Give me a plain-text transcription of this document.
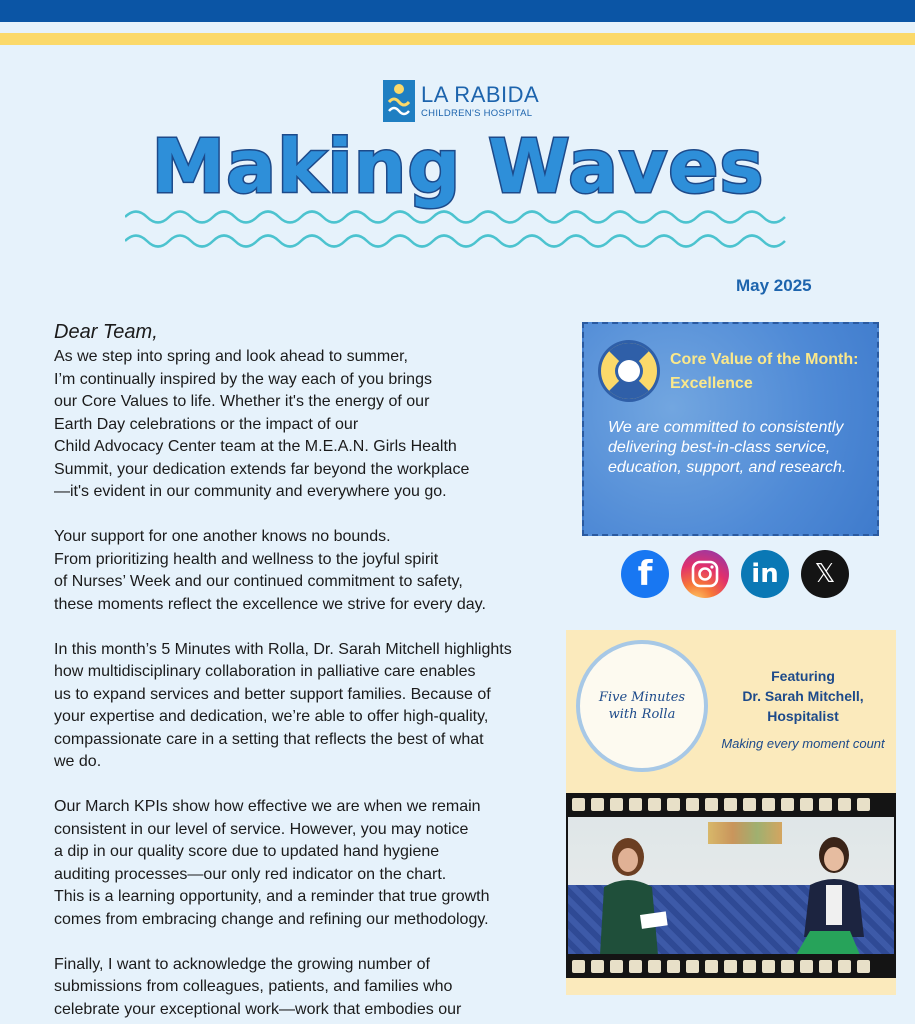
LA RABIDA
CHILDREN'S HOSPITAL
Making Waves
May 2025
Dear Team,
As we step into spring and look ahead to summer,
I’m continually inspired by the way each of you brings
our Core Values to life. Whether it's the energy of our
Earth Day celebrations or the impact of our
Child Advocacy Center team at the M.E.A.N. Girls Health
Summit, your dedication extends far beyond the workplace
—it's evident in our community and everywhere you go.
Your support for one another knows no bounds.
From prioritizing health and wellness to the joyful spirit
of Nurses’ Week and our continued commitment to safety,
these moments reflect the excellence we strive for every day.
In this month’s 5 Minutes with Rolla, Dr. Sarah Mitchell highlights
how multidisciplinary collaboration in palliative care enables
us to expand services and better support families. Because of
your expertise and dedication, we’re able to offer high-quality,
compassionate care in a setting that reflects the best of what
we do.
Our March KPIs show how effective we are when we remain
consistent in our level of service. However, you may notice
a dip in our quality score due to updated hand hygiene
auditing processes—our only red indicator on the chart.
This is a learning opportunity, and a reminder that true growth
comes from embracing change and refining our methodology.
Finally, I want to acknowledge the growing number of
submissions from colleagues, patients, and families who
celebrate your exceptional work—work that embodies our
Core Value of the Month:
Excellence
We are committed to consistently delivering best-in-class service, education, support, and research.
f	in	𝕏
Five Minutes
with Rolla
Featuring
Dr. Sarah Mitchell,
Hospitalist
Making every moment count
